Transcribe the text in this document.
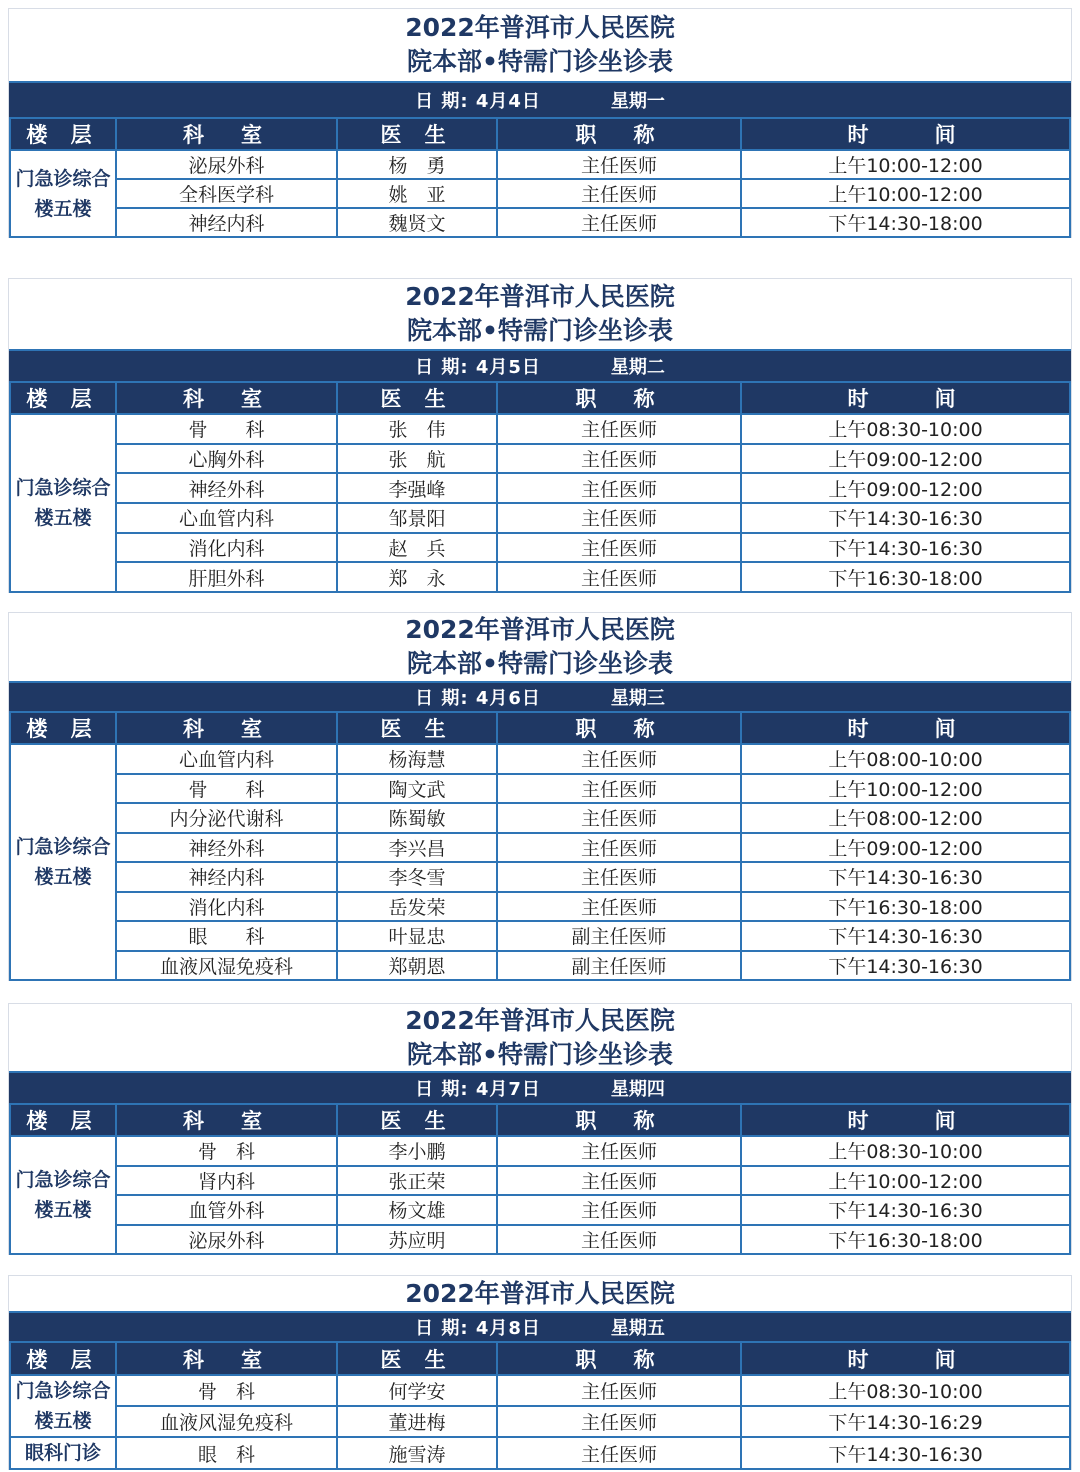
2022年普洱市人民医院
院本部•特需门诊坐诊表
日 期: 4月4日	星期一
楼 层	科　室	医 生	职　称	时　　间
门急诊综合楼五楼	泌尿外科	杨　勇	主任医师	上午10:00-12:00
	全科医学科	姚　亚	主任医师	上午10:00-12:00
	神经内科	魏贤文	主任医师	下午14:30-18:00
2022年普洱市人民医院
院本部•特需门诊坐诊表
日 期: 4月5日	星期二
楼 层	科　室	医 生	职　称	时　　间
门急诊综合楼五楼	骨　　科	张　伟	主任医师	上午08:30-10:00
	心胸外科	张　航	主任医师	上午09:00-12:00
	神经外科	李强峰	主任医师	上午09:00-12:00
	心血管内科	邹景阳	主任医师	下午14:30-16:30
	消化内科	赵　兵	主任医师	下午14:30-16:30
	肝胆外科	郑　永	主任医师	下午16:30-18:00
2022年普洱市人民医院
院本部•特需门诊坐诊表
日 期: 4月6日	星期三
楼 层	科　室	医 生	职　称	时　　间
门急诊综合楼五楼	心血管内科	杨海慧	主任医师	上午08:00-10:00
	骨　　科	陶文武	主任医师	上午10:00-12:00
	内分泌代谢科	陈蜀敏	主任医师	上午08:00-12:00
	神经外科	李兴昌	主任医师	上午09:00-12:00
	神经内科	李冬雪	主任医师	下午14:30-16:30
	消化内科	岳发荣	主任医师	下午16:30-18:00
	眼　　科	叶显忠	副主任医师	下午14:30-16:30
	血液风湿免疫科	郑朝恩	副主任医师	下午14:30-16:30
2022年普洱市人民医院
院本部•特需门诊坐诊表
日 期: 4月7日	星期四
楼 层	科　室	医 生	职　称	时　　间
门急诊综合楼五楼	骨　科	李小鹏	主任医师	上午08:30-10:00
	肾内科	张正荣	主任医师	上午10:00-12:00
	血管外科	杨文雄	主任医师	下午14:30-16:30
	泌尿外科	苏应明	主任医师	下午16:30-18:00
2022年普洱市人民医院
日 期: 4月8日	星期五
楼 层	科　室	医 生	职　称	时　　间
门急诊综合楼五楼	骨　科	何学安	主任医师	上午08:30-10:00
	血液风湿免疫科	董进梅	主任医师	下午14:30-16:29
眼科门诊	眼　科	施雪涛	主任医师	下午14:30-16:30
